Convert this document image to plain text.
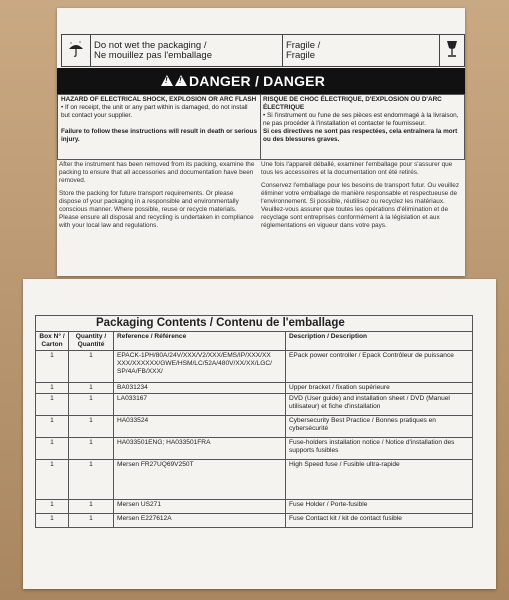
Do not wet the packaging /
Ne mouillez pas l'emballage

Fragile /
Fragile

!!
DANGER / DANGER
HAZARD OF ELECTRICAL SHOCK, EXPLOSION OR ARC FLASH
• If on receipt, the unit or any part within is damaged, do not install but contact your supplier.
Failure to follow these instructions will result in death or serious injury.
RISQUE DE CHOC ÉLECTRIQUE, D'EXPLOSION OU D'ARC ÉLECTRIQUE
• Si l'instrument ou l'une de ses pièces est endommagé à la livraison, ne pas procéder à l'installation et contacter le fournisseur.
Si ces directives ne sont pas respectées, cela entraînera la mort ou des blessures graves.
After the instrument has been removed from its packing, examine the packing to ensure that all accessories and documentation have been removed.
Store the packing for future transport requirements. Or please dispose of your packaging in a responsible and environmentally conscious manner. Where possible, reuse or recycle materials. Please ensure all disposal and recycling is undertaken in compliance with your local law and regulations.
Une fois l'appareil déballé, examiner l'emballage pour s'assurer que tous les accessoires et la documentation ont été retirés.
Conservez l'emballage pour les besoins de transport futur. Ou veuillez éliminer votre emballage de manière responsable et respectueuse de l'environnement. Si possible, réutilisez ou recyclez les matériaux. Veuillez-vous assurer que toutes les opérations d'élimination et de recyclage sont entreprises conformément à la législation et aux réglementations en vigueur dans votre pays.
Packaging Contents / Contenu de l'emballage
Box N° / Carton	Quantity / Quantité	Reference / Référence	Description / Description
1	1	EPACK-1PH/80A/24V/XXX/V2/XXX/EMS/IP/XXX/XX XXX/XXXXXX/GWE/HSM/LC/52A/480V/XX/XX/LGC/ SP/4A/FB/XXX/	EPack power controller / Epack Contrôleur de puissance
1	1	BA031234	Upper bracket / fixation supérieure
1	1	LA033167	DVD (User guide) and installation sheet / DVD (Manuel utilisateur) et fiche d'installation
1	1	HA033524	Cybersecurity Best Practice / Bonnes pratiques en cybersécurité
1	1	HA033501ENG; HA033501FRA	Fuse-holders installation notice / Notice d'installation des supports fusibles
1	1	Mersen FR27UQ69V250T	High Speed fuse / Fusible ultra-rapide
1	1	Mersen US271	Fuse Holder / Porte-fusible
1	1	Mersen E227612A	Fuse Contact kit / kit de contact fusible
